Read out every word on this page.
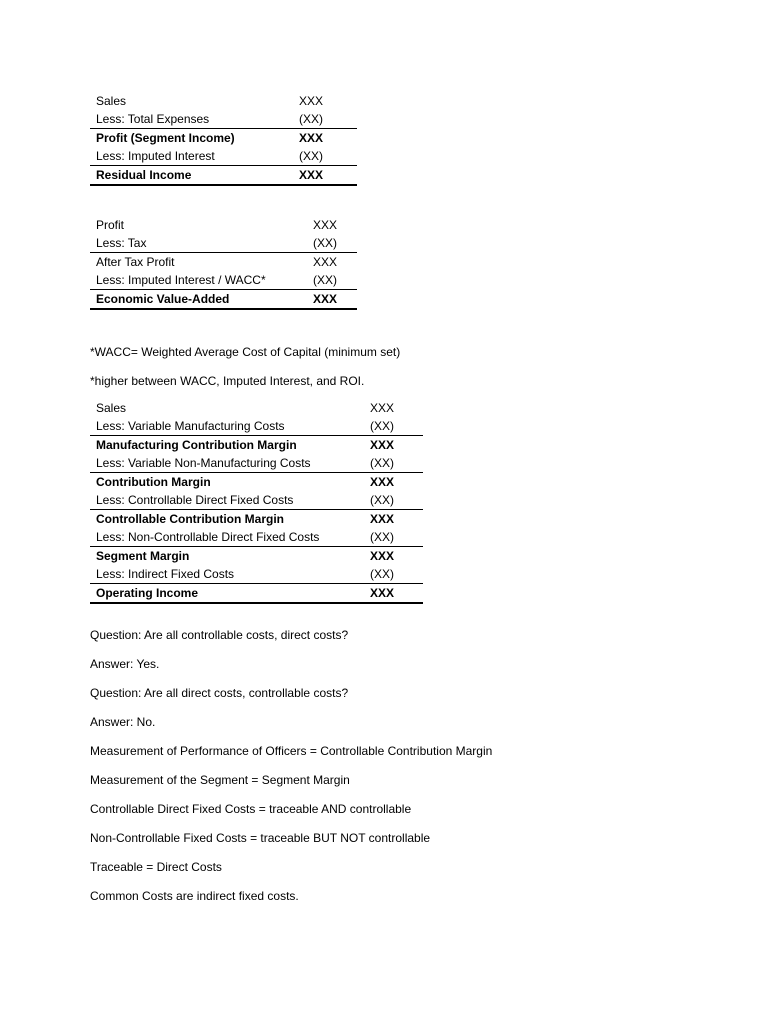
Sales	XXX
Less: Total Expenses	(XX)
Profit (Segment Income)	XXX
Less: Imputed Interest	(XX)
Residual Income	XXX
Profit	XXX
Less: Tax	(XX)
After Tax Profit	XXX
Less: Imputed Interest / WACC*	(XX)
Economic Value-Added	XXX

*WACC= Weighted Average Cost of Capital (minimum set)

*higher between WACC, Imputed Interest, and ROI.

Sales	XXX
Less: Variable Manufacturing Costs	(XX)
Manufacturing Contribution Margin	XXX
Less: Variable Non-Manufacturing Costs	(XX)
Contribution Margin	XXX
Less: Controllable Direct Fixed Costs	(XX)
Controllable Contribution Margin	XXX
Less: Non-Controllable Direct Fixed Costs	(XX)
Segment Margin	XXX
Less: Indirect Fixed Costs	(XX)
Operating Income	XXX

Question: Are all controllable costs, direct costs?

Answer: Yes.

Question: Are all direct costs, controllable costs?

Answer: No.

Measurement of Performance of Officers = Controllable Contribution Margin

Measurement of the Segment = Segment Margin

Controllable Direct Fixed Costs = traceable AND controllable

Non-Controllable Fixed Costs = traceable BUT NOT controllable

Traceable = Direct Costs

Common Costs are indirect fixed costs.
